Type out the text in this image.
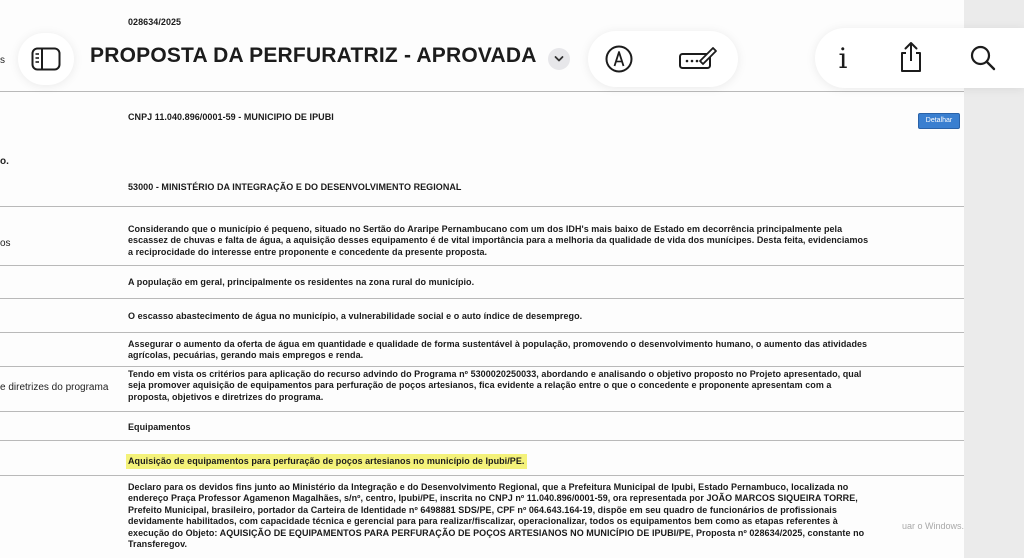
028634/2025
s
CNPJ 11.040.896/0001-59 - MUNICIPIO DE IPUBI	Detalhar
o.
53000 - MINISTÉRIO DA INTEGRAÇÃO E DO DESENVOLVIMENTO REGIONAL
Considerando que o município é pequeno, situado no Sertão do Araripe Pernambucano com um dos IDH's mais baixo de Estado em decorrência principalmente pela
escassez de chuvas e falta de água, a aquisição desses equipamento é de vital importância para a melhoria da qualidade de vida dos munícipes. Desta feita, evidenciamos
a reciprocidade do interesse entre proponente e concedente da presente proposta.
os
A população em geral, principalmente os residentes na zona rural do município.
O escasso abastecimento de água no município, a vulnerabilidade social e o auto índice de desemprego.
Assegurar o aumento da oferta de água em quantidade e qualidade de forma sustentável à população, promovendo o desenvolvimento humano, o aumento das atividades
agrícolas, pecuárias, gerando mais empregos e renda.
Tendo em vista os critérios para aplicação do recurso advindo do Programa nº 5300020250033, abordando e analisando o objetivo proposto no Projeto apresentado, qual
seja promover aquisição de equipamentos para perfuração de poços artesianos, fica evidente a relação entre o que o concedente e proponente apresentam com a
proposta, objetivos e diretrizes do programa.
e diretrizes do programa
Equipamentos
Aquisição de equipamentos para perfuração de poços artesianos no município de Ipubi/PE.
Declaro para os devidos fins junto ao Ministério da Integração e do Desenvolvimento Regional, que a Prefeitura Municipal de Ipubi, Estado Pernambuco, localizada no
endereço Praça Professor Agamenon Magalhães, s/nº, centro, Ipubi/PE, inscrita no CNPJ nº 11.040.896/0001-59, ora representada por JOÃO MARCOS SIQUEIRA TORRE,
Prefeito Municipal, brasileiro, portador da Carteira de Identidade nº 6498881 SDS/PE, CPF nº 064.643.164-19, dispõe em seu quadro de funcionários de profissionais
devidamente habilitados, com capacidade técnica e gerencial para para realizar/fiscalizar, operacionalizar, todos os equipamentos bem como as etapas referentes à
execução do Objeto: AQUISIÇÃO DE EQUIPAMENTOS PARA PERFURAÇÃO DE POÇOS ARTESIANOS NO MUNICÍPIO DE IPUBI/PE, Proposta nº 028634/2025, constante no
Transferegov.
uar o Windows.
PROPOSTA DA PERFURATRIZ - APROVADA	i
